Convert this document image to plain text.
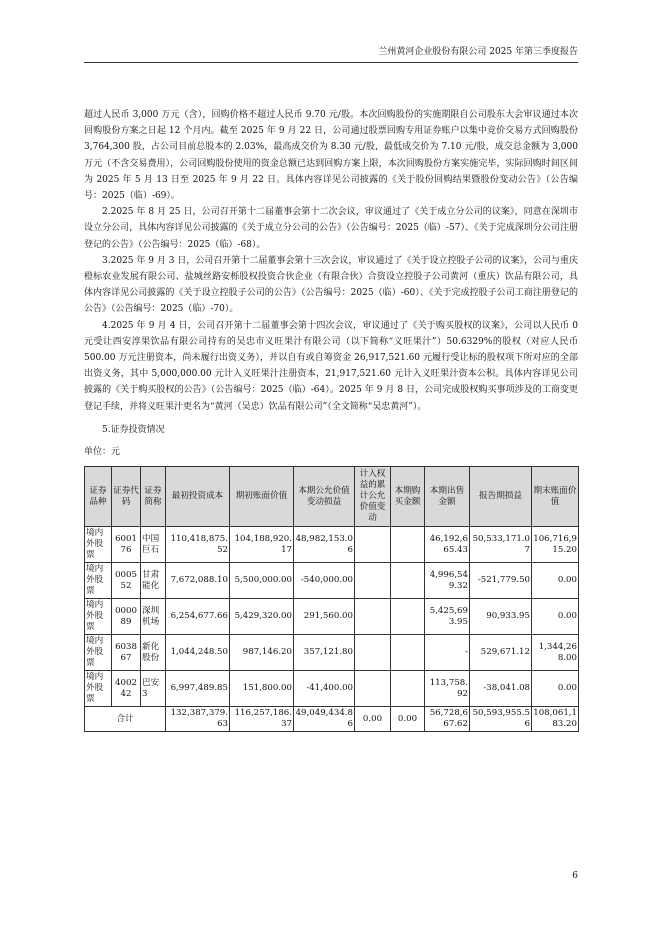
兰州黄河企业股份有限公司 2025 年第三季度报告

超过人民币 3,000 万元（含），回购价格不超过人民币 9.70 元/股。本次回购股份的实施期限自公司股东大会审议通过本次回购股份方案之日起 12 个月内。截至 2025 年 9 月 22 日，公司通过股票回购专用证券账户以集中竞价交易方式回购股份 3,764,300 股，占公司目前总股本的 2.03%，最高成交价为 8.30 元/股，最低成交价为 7.10 元/股，成交总金额为 3,000 万元（不含交易费用），公司回购股份使用的资金总额已达到回购方案上限，本次回购股份方案实施完毕，实际回购时间区间为 2025 年 5 月 13 日至 2025 年 9 月 22 日。具体内容详见公司披露的《关于股份回购结果暨股份变动公告》（公告编号：2025（临）-69）。

2.2025 年 8 月 25 日，公司召开第十二届董事会第十二次会议，审议通过了《关于成立分公司的议案》，同意在深圳市设立分公司，具体内容详见公司披露的《关于成立分公司的公告》（公告编号：2025（临）-57）、《关于完成深圳分公司注册登记的公告》（公告编号：2025（临）-68）。

3.2025 年 9 月 3 日，公司召开第十二届董事会第十三次会议，审议通过了《关于设立控股子公司的议案》，公司与重庆橙标农业发展有限公司、盐城丝路安栎股权投资合伙企业（有限合伙）合资设立控股子公司黄河（重庆）饮品有限公司，具体内容详见公司披露的《关于设立控股子公司的公告》（公告编号：2025（临）-60）、《关于完成控股子公司工商注册登记的公告》（公告编号：2025（临）-70）。

4.2025 年 9 月 4 日，公司召开第十二届董事会第十四次会议，审议通过了《关于购买股权的议案》，公司以人民币 0 元受让西安淳果饮品有限公司持有的吴忠市义旺果汁有限公司（以下简称“义旺果汁”）50.6329%的股权（对应人民币 500.00 万元注册资本，尚未履行出资义务），并以自有或自筹资金 26,917,521.60 元履行受让标的股权项下所对应的全部出资义务，其中 5,000,000.00 元计入义旺果汁注册资本，21,917,521.60 元计入义旺果汁资本公积。具体内容详见公司披露的《关于购买股权的公告》（公告编号：2025（临）-64）。2025 年 9 月 8 日，公司完成股权购买事项涉及的工商变更登记手续，并将义旺果汁更名为“黄河（吴忠）饮品有限公司”（全文简称“吴忠黄河”）。

5.证券投资情况

单位：元

证券品种	证券代码	证券简称	最初投资成本	期初账面价值	本期公允价值变动损益	计入权益的累计公允价值变动	本期购买金额	本期出售金额	报告期损益	期末账面价值
境内外股票	600176	中国巨石	110,418,875.52	104,188,920.17	48,982,153.06			46,192,665.43	50,533,171.07	106,716,915.20
境内外股票	000552	甘肃能化	7,672,088.10	5,500,000.00	-540,000.00			4,996,549.32	-521,779.50	0.00
境内外股票	000089	深圳机场	6,254,677.66	5,429,320.00	291,560.00			5,425,693.95	90,933.95	0.00
境内外股票	603867	新化股份	1,044,248.50	987,146.20	357,121.80			-	529,671.12	1,344,268.00
境内外股票	400242	巴安3	6,997,489.85	151,800.00	-41,400.00			113,758.92	-38,041.08	0.00
合计			132,387,379.63	116,257,186.37	49,049,434.86	0.00	0.00	56,728,667.62	50,593,955.56	108,061,183.20
6
